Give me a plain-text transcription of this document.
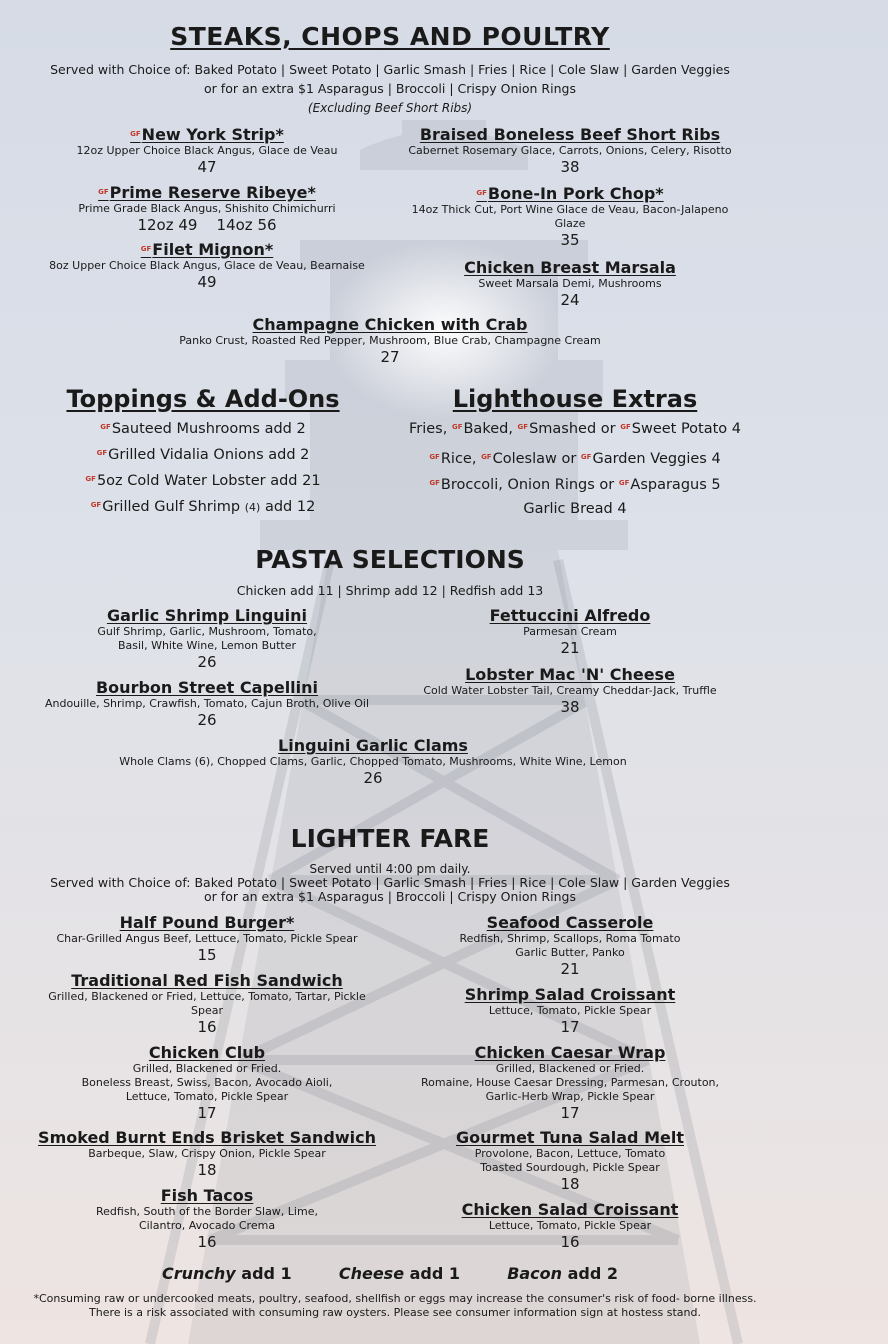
STEAKS, CHOPS AND POULTRY
Served with Choice of: Baked Potato | Sweet Potato | Garlic Smash | Fries | Rice | Cole Slaw | Garden Veggies
or for an extra $1 Asparagus | Broccoli | Crispy Onion Rings
(Excluding Beef Short Ribs)
$^{GF}$New York Strip*
12oz Upper Choice Black Angus, Glace de Veau
47
$^{GF}$Prime Reserve Ribeye*
Prime Grade Black Angus, Shishito Chimichurri
12oz 49    14oz 56
$^{GF}$Filet Mignon*
8oz Upper Choice Black Angus, Glace de Veau, Bearnaise
49
Braised Boneless Beef Short Ribs
Cabernet Rosemary Glace, Carrots, Onions, Celery, Risotto
38
$^{GF}$Bone-In Pork Chop*
14oz Thick Cut, Port Wine Glace de Veau, Bacon-Jalapeno
Glaze
35
Chicken Breast Marsala
Sweet Marsala Demi, Mushrooms
24
Champagne Chicken with Crab
Panko Crust, Roasted Red Pepper, Mushroom, Blue Crab, Champagne Cream
27
Toppings & Add-Ons
$^{GF}$Sauteed Mushrooms add 2
$^{GF}$Grilled Vidalia Onions add 2
$^{GF}$5oz Cold Water Lobster add 21
$^{GF}$Grilled Gulf Shrimp (4) add 12
Lighthouse Extras
Fries, $^{GF}$Baked, $^{GF}$Smashed or $^{GF}$Sweet Potato 4
$^{GF}$Rice, $^{GF}$Coleslaw or $^{GF}$Garden Veggies 4
$^{GF}$Broccoli, Onion Rings or $^{GF}$Asparagus 5
Garlic Bread 4
PASTA SELECTIONS
Chicken add 11 | Shrimp add 12 | Redfish add 13
Garlic Shrimp Linguini
Gulf Shrimp, Garlic, Mushroom, Tomato,
Basil, White Wine, Lemon Butter
26
Bourbon Street Capellini
Andouille, Shrimp, Crawfish, Tomato, Cajun Broth, Olive Oil
26
Fettuccini Alfredo
Parmesan Cream
21
Lobster Mac 'N' Cheese
Cold Water Lobster Tail, Creamy Cheddar-Jack, Truffle
38
Linguini Garlic Clams
Whole Clams (6), Chopped Clams, Garlic, Chopped Tomato, Mushrooms, White Wine, Lemon
26
LIGHTER FARE
Served until 4:00 pm daily.
Served with Choice of: Baked Potato | Sweet Potato | Garlic Smash | Fries | Rice | Cole Slaw | Garden Veggies
or for an extra $1 Asparagus | Broccoli | Crispy Onion Rings
Half Pound Burger*
Char-Grilled Angus Beef, Lettuce, Tomato, Pickle Spear
15
Traditional Red Fish Sandwich
Grilled, Blackened or Fried, Lettuce, Tomato, Tartar, Pickle
Spear
16
Chicken Club
Grilled, Blackened or Fried.
Boneless Breast, Swiss, Bacon, Avocado Aioli,
Lettuce, Tomato, Pickle Spear
17
Smoked Burnt Ends Brisket Sandwich
Barbeque, Slaw, Crispy Onion, Pickle Spear
18
Fish Tacos
Redfish, South of the Border Slaw, Lime,
Cilantro, Avocado Crema
16
Seafood Casserole
Redfish, Shrimp, Scallops, Roma Tomato
Garlic Butter, Panko
21
Shrimp Salad Croissant
Lettuce, Tomato, Pickle Spear
17
Chicken Caesar Wrap
Grilled, Blackened or Fried.
Romaine, House Caesar Dressing, Parmesan, Crouton,
Garlic-Herb Wrap, Pickle Spear
17
Gourmet Tuna Salad Melt
Provolone, Bacon, Lettuce, Tomato
Toasted Sourdough, Pickle Spear
18
Chicken Salad Croissant
Lettuce, Tomato, Pickle Spear
16
Crunchy add 1	Cheese add 1	Bacon add 2
*Consuming raw or undercooked meats, poultry, seafood, shellfish or eggs may increase the consumer's risk of food- borne illness.
There is a risk associated with consuming raw oysters. Please see consumer information sign at hostess stand.
